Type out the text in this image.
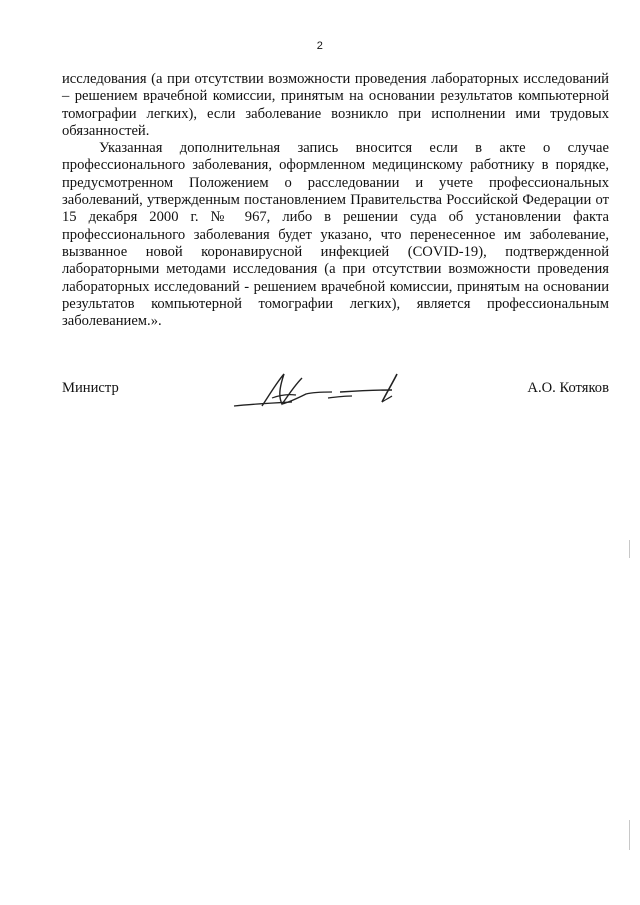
2

исследования (а при отсутствии возможности проведения лабораторных исследований – решением врачебной комиссии, принятым на основании результатов компьютерной томографии легких), если заболевание возникло при исполнении ими трудовых обязанностей.

Указанная дополнительная запись вносится если в акте о случае профессионального заболевания, оформленном медицинскому работнику в порядке, предусмотренном Положением о расследовании и учете профессиональных заболеваний, утвержденным постановлением Правительства Российской Федерации от 15 декабря 2000 г. № 967, либо в решении суда об установлении факта профессионального заболевания будет указано, что перенесенное им заболевание, вызванное новой коронавирусной инфекцией (COVID-19), подтвержденной лабораторными методами исследования (а при отсутствии возможности проведения лабораторных исследований - решением врачебной комиссии, принятым на основании результатов компьютерной томографии легких), является профессиональным заболеванием.».

Министр	А.О. Котяков
